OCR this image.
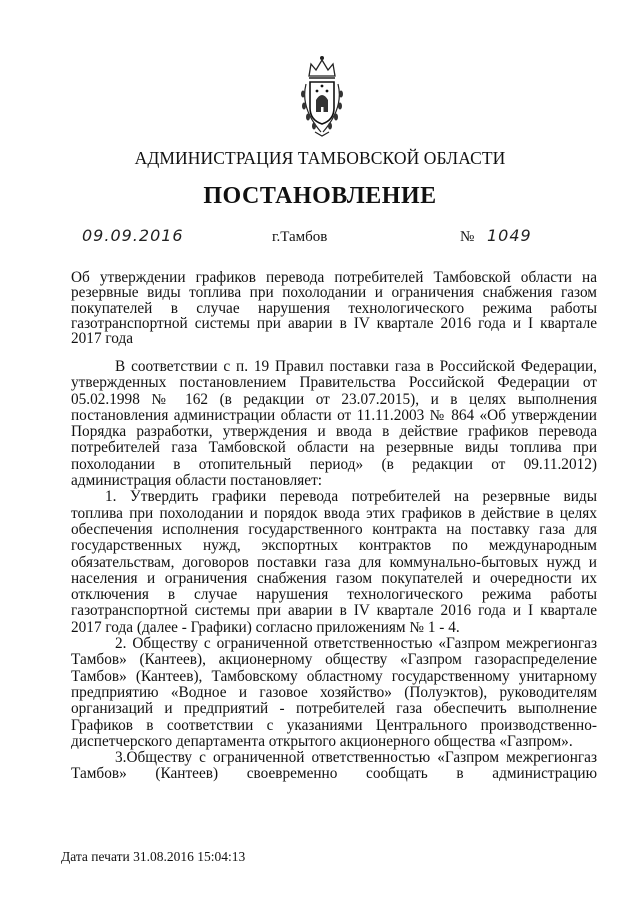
АДМИНИСТРАЦИЯ ТАМБОВСКОЙ ОБЛАСТИ
ПОСТАНОВЛЕНИЕ
09.09.2016	г.Тамбов	№ 1049
Об утверждении графиков перевода потребителей Тамбовской области на
резервные виды топлива при похолодании и ограничения снабжения газом
покупателей в случае нарушения технологического режима работы
газотранспортной системы при аварии в IV квартале 2016 года и I квартале
2017 года
В соответствии с п. 19 Правил поставки газа в Российской Федерации,
утвержденных постановлением Правительства Российской Федерации от
05.02.1998 № 162 (в редакции от 23.07.2015), и в целях выполнения
постановления администрации области от 11.11.2003 № 864 «Об утверждении
Порядка разработки, утверждения и ввода в действие графиков перевода
потребителей газа Тамбовской области на резервные виды топлива при
похолодании в отопительный период» (в редакции от 09.11.2012)
администрация области постановляет:
1. Утвердить графики перевода потребителей на резервные виды
топлива при похолодании и порядок ввода этих графиков в действие в целях
обеспечения исполнения государственного контракта на поставку газа для
государственных нужд, экспортных контрактов по международным
обязательствам, договоров поставки газа для коммунально-бытовых нужд и
населения и ограничения снабжения газом покупателей и очередности их
отключения в случае нарушения технологического режима работы
газотранспортной системы при аварии в IV квартале 2016 года и I квартале
2017 года (далее - Графики) согласно приложениям № 1 - 4.
2. Обществу с ограниченной ответственностью «Газпром межрегионгаз
Тамбов» (Кантеев), акционерному обществу «Газпром газораспределение
Тамбов» (Кантеев), Тамбовскому областному государственному унитарному
предприятию «Водное и газовое хозяйство» (Полуэктов), руководителям
организаций и предприятий - потребителей газа обеспечить выполнение
Графиков в соответствии с указаниями Центрального производственно-
диспетчерского департамента открытого акционерного общества «Газпром».
3.Обществу с ограниченной ответственностью «Газпром межрегионгаз
Тамбов» (Кантеев) своевременно сообщать в администрацию
Дата печати 31.08.2016 15:04:13
